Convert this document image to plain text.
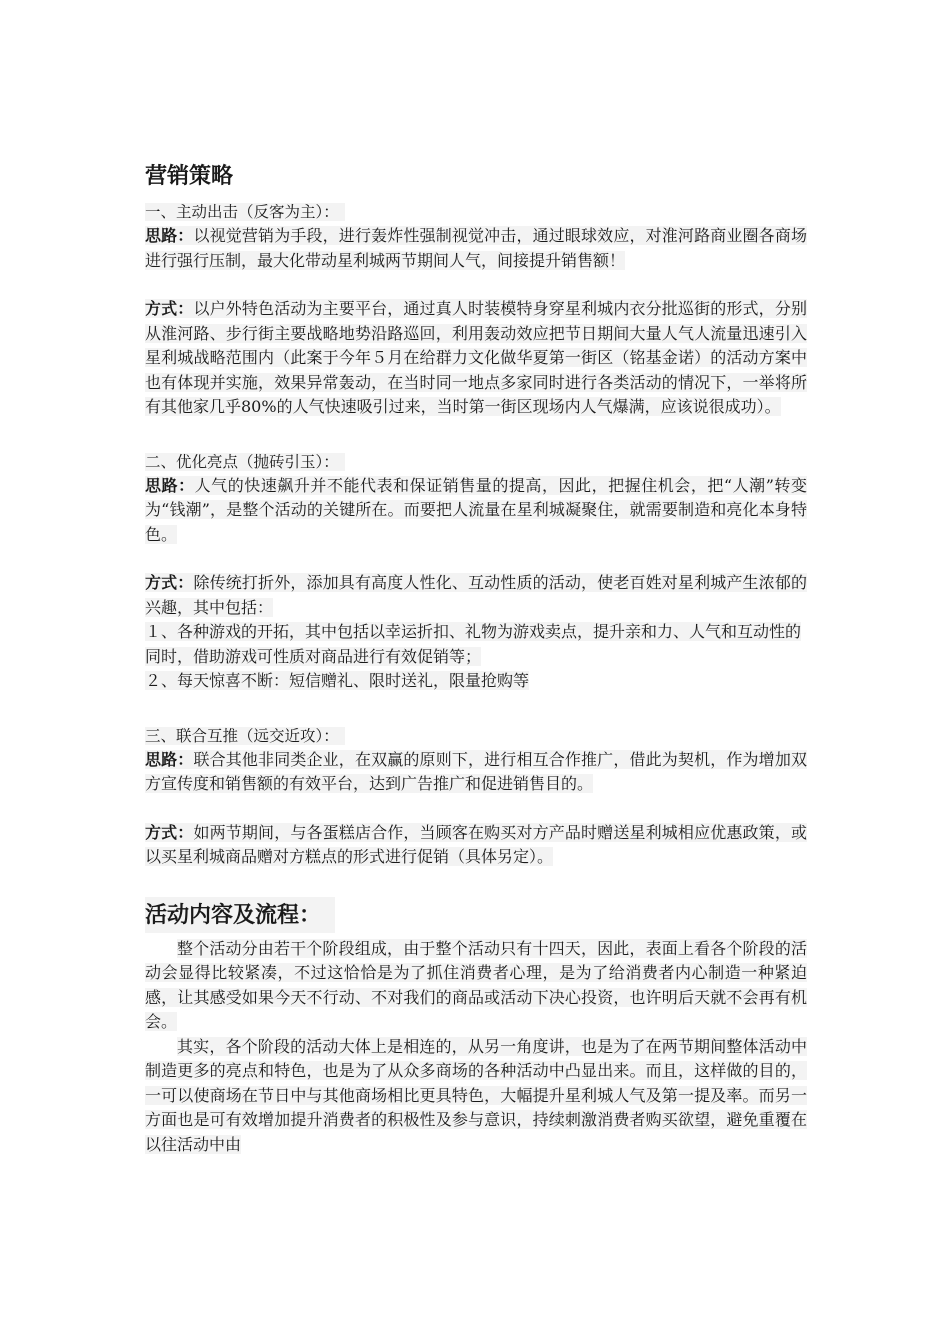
营销策略
一、主动出击（反客为主）：
思路：以视觉营销为手段，进行轰炸性强制视觉冲击，通过眼球效应，对淮河路商业圈各商场进行强行压制，最大化带动星利城两节期间人气，间接提升销售额！
方式：以户外特色活动为主要平台，通过真人时装模特身穿星利城内衣分批巡街的形式，分别从淮河路、步行街主要战略地势沿路巡回，利用轰动效应把节日期间大量人气人流量迅速引入星利城战略范围内（此案于今年５月在给群力文化做华夏第一街区（铭基金诺）的活动方案中也有体现并实施，效果异常轰动，在当时同一地点多家同时进行各类活动的情况下，一举将所有其他家几乎80%的人气快速吸引过来，当时第一街区现场内人气爆满，应该说很成功）。
二、优化亮点（抛砖引玉）：
思路：人气的快速飙升并不能代表和保证销售量的提高，因此，把握住机会，把“人潮”转变为“钱潮”，是整个活动的关键所在。而要把人流量在星利城凝聚住，就需要制造和亮化本身特色。
方式：除传统打折外，添加具有高度人性化、互动性质的活动，使老百姓对星利城产生浓郁的兴趣，其中包括：
１、各种游戏的开拓，其中包括以幸运折扣、礼物为游戏卖点，提升亲和力、人气和互动性的同时，借助游戏可性质对商品进行有效促销等；
２、每天惊喜不断：短信赠礼、限时送礼，限量抢购等
三、联合互推（远交近攻）：
思路：联合其他非同类企业，在双赢的原则下，进行相互合作推广，借此为契机，作为增加双方宣传度和销售额的有效平台，达到广告推广和促进销售目的。
方式：如两节期间，与各蛋糕店合作，当顾客在购买对方产品时赠送星利城相应优惠政策，或以买星利城商品赠对方糕点的形式进行促销（具体另定）。
活动内容及流程：
整个活动分由若干个阶段组成，由于整个活动只有十四天，因此，表面上看各个阶段的活动会显得比较紧凑，不过这恰恰是为了抓住消费者心理，是为了给消费者内心制造一种紧迫感，让其感受如果今天不行动、不对我们的商品或活动下决心投资，也许明后天就不会再有机会。
其实，各个阶段的活动大体上是相连的，从另一角度讲，也是为了在两节期间整体活动中制造更多的亮点和特色，也是为了从众多商场的各种活动中凸显出来。而且，这样做的目的，一可以使商场在节日中与其他商场相比更具特色，大幅提升星利城人气及第一提及率。而另一方面也是可有效增加提升消费者的积极性及参与意识，持续刺激消费者购买欲望，避免重覆在以往活动中由
